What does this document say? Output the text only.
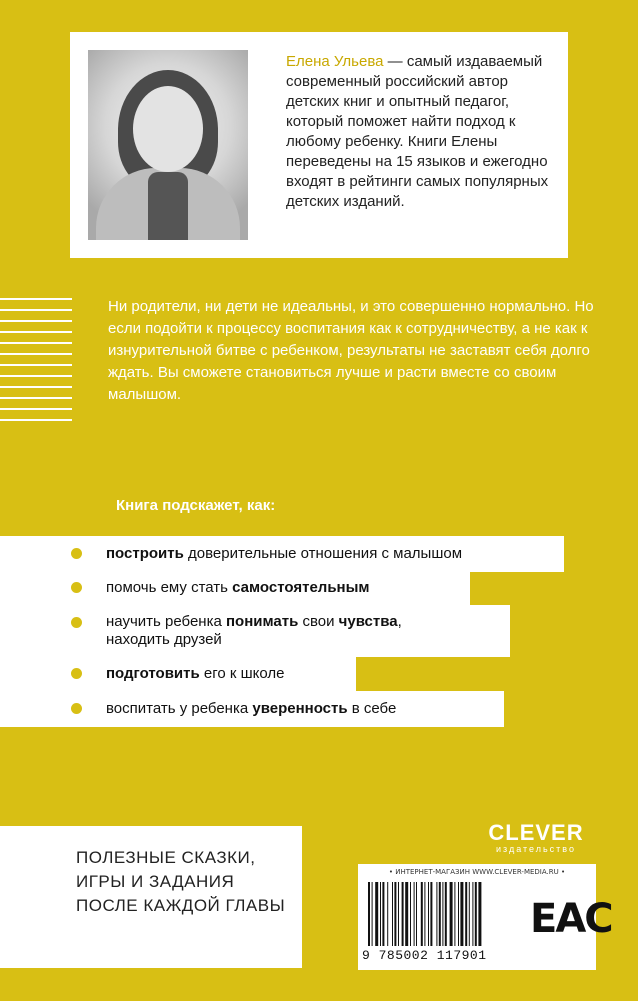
Елена Ульева — самый издаваемый современный российский автор детских книг и опытный педагог, который поможет найти подход к любому ребенку. Книги Елены переведены на 15 языков и ежегодно входят в рейтинги самых популярных детских изданий.
Ни родители, ни дети не идеальны, и это совершенно нормально. Но если подойти к процессу воспитания как к сотрудничеству, а не как к изнурительной битве с ребенком, результаты не заставят себя долго ждать. Вы сможете становиться лучше и расти вместе со своим малышом.
Книга подскажет, как:
построить доверительные отношения с малышом
помочь ему стать самостоятельным
научить ребенка понимать свои чувства,
находить друзей
подготовить его к школе
воспитать у ребенка уверенность в себе
ПОЛЕЗНЫЕ СКАЗКИ, ИГРЫ И ЗАДАНИЯ ПОСЛЕ КАЖДОЙ ГЛАВЫ
CLEVER
издательство
• ИНТЕРНЕТ-МАГАЗИН WWW.CLEVER-MEDIA.RU •
9 785002 117901
EAC
